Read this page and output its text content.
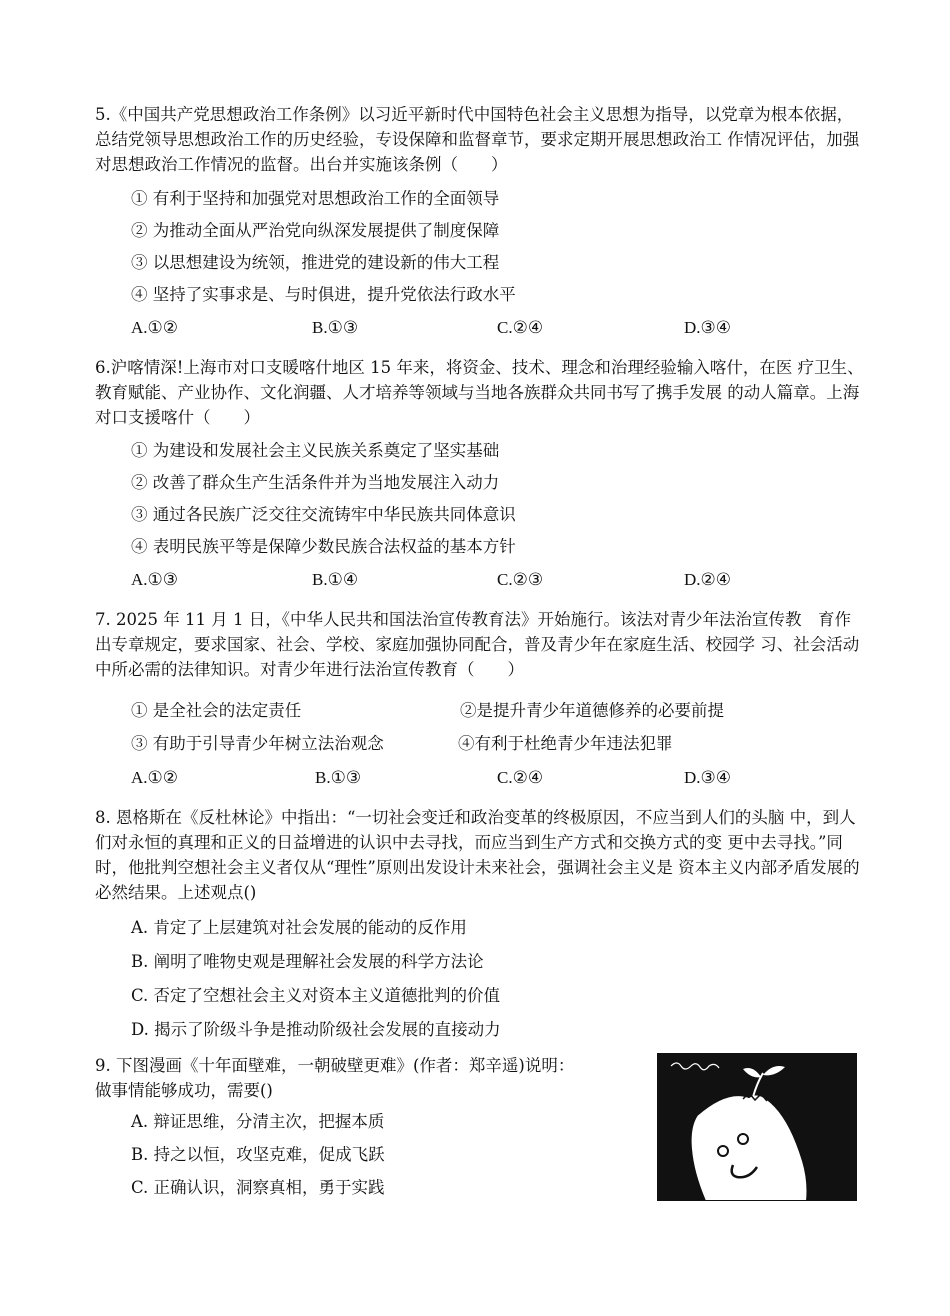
5.《中国共产党思想政治工作条例》以习近平新时代中国特色社会主义思想为指导，以党章为根本依据，总结党领导思想政治工作的历史经验，专设保障和监督章节，要求定期开展思想政治工 作情况评估，加强对思想政治工作情况的监督。出台并实施该条例（　　）

① 有利于坚持和加强党对思想政治工作的全面领导
② 为推动全面从严治党向纵深发展提供了制度保障
③ 以思想建设为统领，推进党的建设新的伟大工程
④ 坚持了实事求是、与时俱进，提升党依法行政水平
A.①②	B.①③	C.②④	D.③④

6.沪喀情深!上海市对口支暖喀什地区 15 年来，将资金、技术、理念和治理经验输入喀什，在医 疗卫生、教育赋能、产业协作、文化润疆、人才培养等领域与当地各族群众共同书写了携手发展 的动人篇章。上海对口支援喀什（　　）

① 为建设和发展社会主义民族关系奠定了坚实基础
② 改善了群众生产生活条件并为当地发展注入动力
③ 通过各民族广泛交往交流铸牢中华民族共同体意识
④ 表明民族平等是保障少数民族合法权益的基本方针
A.①③	B.①④	C.②③	D.②④

7. 2025 年 11 月 1 日，《中华人民共和国法治宣传教育法》开始施行。该法对青少年法治宣传教　育作出专章规定，要求国家、社会、学校、家庭加强协同配合，普及青少年在家庭生活、校园学 习、社会活动中所必需的法律知识。对青少年进行法治宣传教育（　　）

① 是全社会的法定责任	②是提升青少年道德修养的必要前提
③ 有助于引导青少年树立法治观念	④有利于杜绝青少年违法犯罪
A.①②	B.①③	C.②④	D.③④

8. 恩格斯在《反杜林论》中指出：“一切社会变迁和政治变革的终极原因，不应当到人们的头脑 中，到人们对永恒的真理和正义的日益增进的认识中去寻找，而应当到生产方式和交换方式的变 更中去寻找。”同时，他批判空想社会主义者仅从“理性”原则出发设计未来社会，强调社会主义是 资本主义内部矛盾发展的必然结果。上述观点()

A. 肯定了上层建筑对社会发展的能动的反作用
B. 阐明了唯物史观是理解社会发展的科学方法论
C. 否定了空想社会主义对资本主义道德批判的价值
D. 揭示了阶级斗争是推动阶级社会发展的直接动力

9. 下图漫画《十年面壁难，一朝破壁更难》(作者：郑辛遥)说明： 做事情能够成功，需要()

A. 辩证思维，分清主次，把握本质
B. 持之以恒，攻坚克难，促成飞跃
C. 正确认识，洞察真相，勇于实践
